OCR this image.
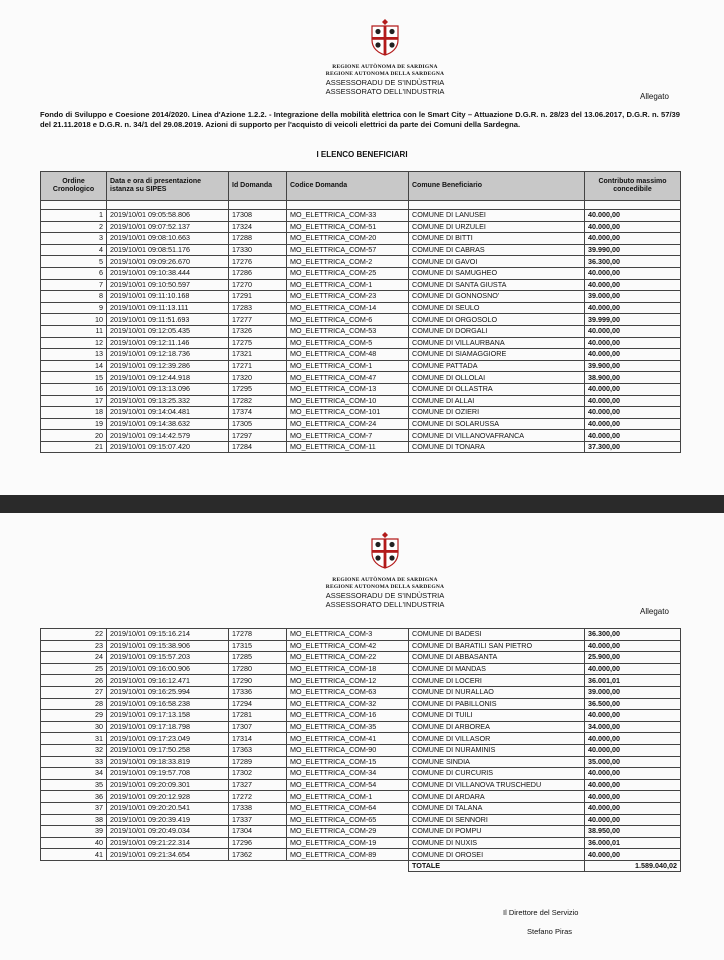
REGIONE AUTÒNOMA DE SARDIGNA
REGIONE AUTONOMA DELLA SARDEGNA
ASSESSORADU DE S'INDÙSTRIA
ASSESSORATO DELL'INDUSTRIA
Allegato
Fondo di Sviluppo e Coesione 2014/2020. Linea d'Azione 1.2.2. - Integrazione della mobilità elettrica con le Smart City – Attuazione D.G.R. n. 28/23 del 13.06.2017, D.G.R. n. 57/39 del 21.11.2018 e D.G.R. n. 34/1 del 29.08.2019. Azioni di supporto per l'acquisto di veicoli elettrici da parte dei Comuni della Sardegna.
I ELENCO BENEFICIARI
Ordine Cronologico	Data e ora di presentazione istanza su SIPES	Id Domanda	Codice Domanda	Comune Beneficiario	Contributo massimo concedibile

1	2019/10/01 09:05:58.806	17308	MO_ELETTRICA_COM-33	COMUNE DI LANUSEI	40.000,00
2	2019/10/01 09:07:52.137	17324	MO_ELETTRICA_COM-51	COMUNE DI URZULEI	40.000,00
3	2019/10/01 09:08:10.663	17288	MO_ELETTRICA_COM-20	COMUNE DI BITTI	40.000,00
4	2019/10/01 09:08:51.176	17330	MO_ELETTRICA_COM-57	COMUNE DI CABRAS	39.990,00
5	2019/10/01 09:09:26.670	17276	MO_ELETTRICA_COM-2	COMUNE DI GAVOI	36.300,00
6	2019/10/01 09:10:38.444	17286	MO_ELETTRICA_COM-25	COMUNE DI SAMUGHEO	40.000,00
7	2019/10/01 09:10:50.597	17270	MO_ELETTRICA_COM-1	COMUNE DI SANTA GIUSTA	40.000,00
8	2019/10/01 09:11:10.168	17291	MO_ELETTRICA_COM-23	COMUNE DI GONNOSNO'	39.000,00
9	2019/10/01 09:11:13.111	17283	MO_ELETTRICA_COM-14	COMUNE DI SEULO	40.000,00
10	2019/10/01 09:11:51.693	17277	MO_ELETTRICA_COM-6	COMUNE DI ORGOSOLO	39.999,00
11	2019/10/01 09:12:05.435	17326	MO_ELETTRICA_COM-53	COMUNE DI DORGALI	40.000,00
12	2019/10/01 09:12:11.146	17275	MO_ELETTRICA_COM-5	COMUNE DI VILLAURBANA	40.000,00
13	2019/10/01 09:12:18.736	17321	MO_ELETTRICA_COM-48	COMUNE DI SIAMAGGIORE	40.000,00
14	2019/10/01 09:12:39.286	17271	MO_ELETTRICA_COM-1	COMUNE PATTADA	39.900,00
15	2019/10/01 09:12:44.918	17320	MO_ELETTRICA_COM-47	COMUNE DI OLLOLAI	38.900,00
16	2019/10/01 09:13:13.096	17295	MO_ELETTRICA_COM-13	COMUNE DI OLLASTRA	40.000,00
17	2019/10/01 09:13:25.332	17282	MO_ELETTRICA_COM-10	COMUNE DI ALLAI	40.000,00
18	2019/10/01 09:14:04.481	17374	MO_ELETTRICA_COM-101	COMUNE DI OZIERI	40.000,00
19	2019/10/01 09:14:38.632	17305	MO_ELETTRICA_COM-24	COMUNE DI SOLARUSSA	40.000,00
20	2019/10/01 09:14:42.579	17297	MO_ELETTRICA_COM-7	COMUNE DI VILLANOVAFRANCA	40.000,00
21	2019/10/01 09:15:07.420	17284	MO_ELETTRICA_COM-11	COMUNE DI TONARA	37.300,00
REGIONE AUTÒNOMA DE SARDIGNA
REGIONE AUTONOMA DELLA SARDEGNA
ASSESSORADU DE S'INDÙSTRIA
ASSESSORATO DELL'INDUSTRIA
Allegato
22	2019/10/01 09:15:16.214	17278	MO_ELETTRICA_COM-3	COMUNE DI BADESI	36.300,00
23	2019/10/01 09:15:38.906	17315	MO_ELETTRICA_COM-42	COMUNE DI BARATILI SAN PIETRO	40.000,00
24	2019/10/01 09:15:57.203	17285	MO_ELETTRICA_COM-22	COMUNE DI ABBASANTA	25.900,00
25	2019/10/01 09:16:00.906	17280	MO_ELETTRICA_COM-18	COMUNE DI MANDAS	40.000,00
26	2019/10/01 09:16:12.471	17290	MO_ELETTRICA_COM-12	COMUNE DI LOCERI	36.001,01
27	2019/10/01 09:16:25.994	17336	MO_ELETTRICA_COM-63	COMUNE DI NURALLAO	39.000,00
28	2019/10/01 09:16:58.238	17294	MO_ELETTRICA_COM-32	COMUNE DI PABILLONIS	36.500,00
29	2019/10/01 09:17:13.158	17281	MO_ELETTRICA_COM-16	COMUNE DI TUILI	40.000,00
30	2019/10/01 09:17:18.798	17307	MO_ELETTRICA_COM-35	COMUNE DI ARBOREA	34.000,00
31	2019/10/01 09:17:23.049	17314	MO_ELETTRICA_COM-41	COMUNE DI VILLASOR	40.000,00
32	2019/10/01 09:17:50.258	17363	MO_ELETTRICA_COM-90	COMUNE DI NURAMINIS	40.000,00
33	2019/10/01 09:18:33.819	17289	MO_ELETTRICA_COM-15	COMUNE SINDIA	35.000,00
34	2019/10/01 09:19:57.708	17302	MO_ELETTRICA_COM-34	COMUNE DI CURCURIS	40.000,00
35	2019/10/01 09:20:09.301	17327	MO_ELETTRICA_COM-54	COMUNE DI VILLANOVA TRUSCHEDU	40.000,00
36	2019/10/01 09:20:12.928	17272	MO_ELETTRICA_COM-1	COMUNE DI ARDARA	40.000,00
37	2019/10/01 09:20:20.541	17338	MO_ELETTRICA_COM-64	COMUNE DI TALANA	40.000,00
38	2019/10/01 09:20:39.419	17337	MO_ELETTRICA_COM-65	COMUNE DI SENNORI	40.000,00
39	2019/10/01 09:20:49.034	17304	MO_ELETTRICA_COM-29	COMUNE DI POMPU	38.950,00
40	2019/10/01 09:21:22.314	17296	MO_ELETTRICA_COM-19	COMUNE DI NUXIS	36.000,01
41	2019/10/01 09:21:34.654	17362	MO_ELETTRICA_COM-89	COMUNE DI OROSEI	40.000,00
				TOTALE	1.589.040,02
Il Direttore del Servizio
Stefano Piras
